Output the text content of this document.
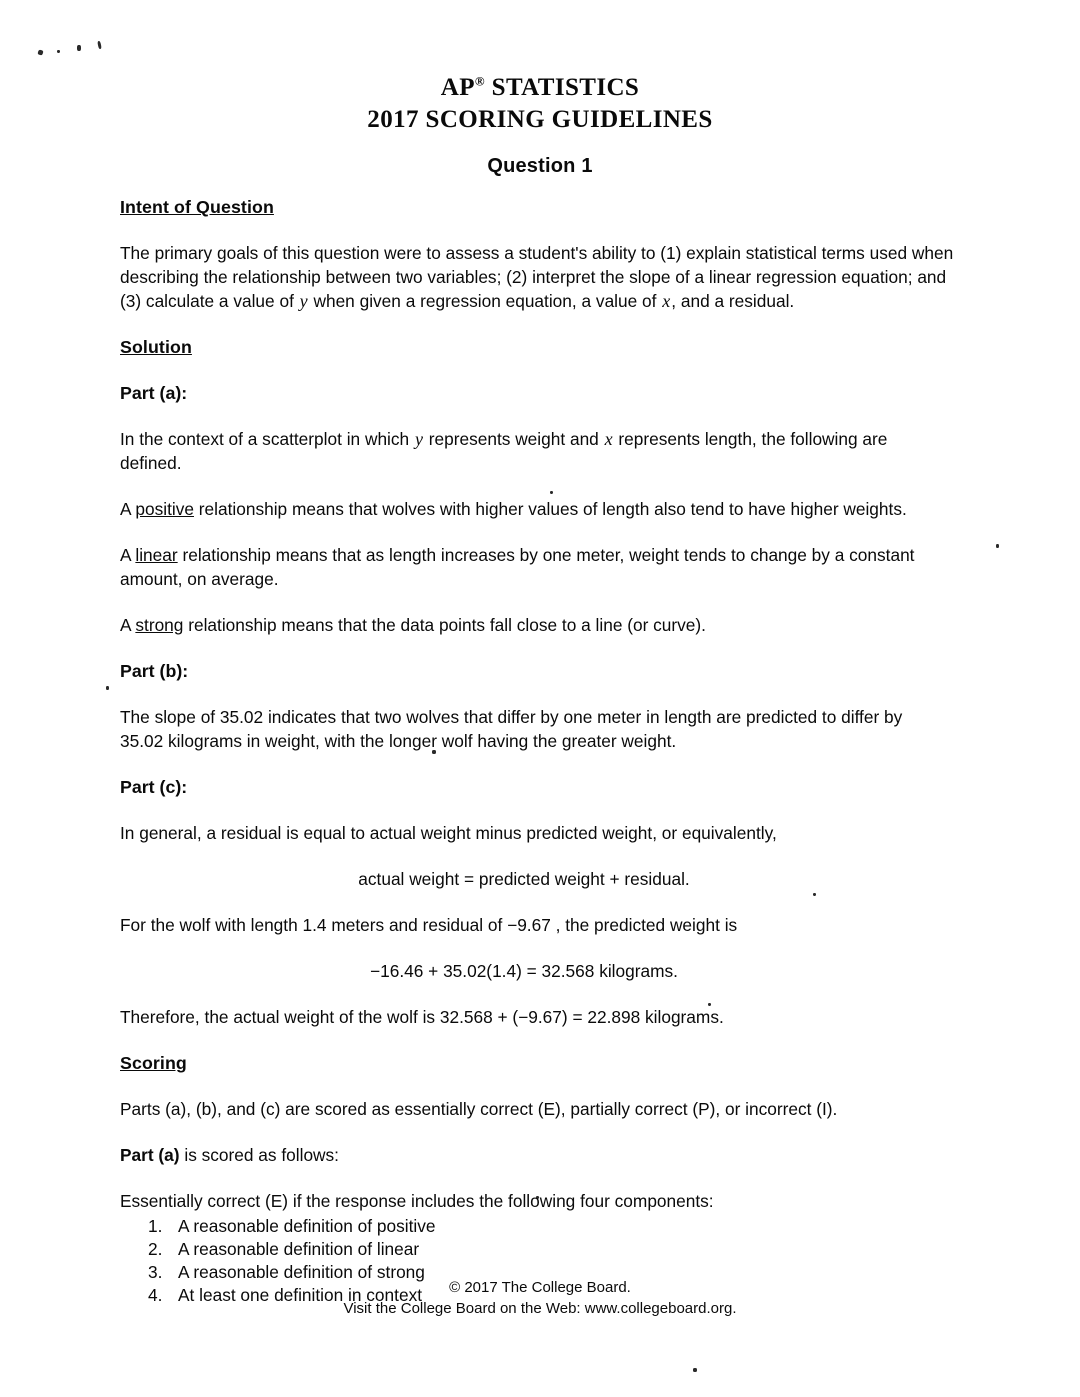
AP® STATISTICS
2017 SCORING GUIDELINES
Question 1
Intent of Question

The primary goals of this question were to assess a student's ability to (1) explain statistical terms used when describing the relationship between two variables; (2) interpret the slope of a linear regression equation; and (3) calculate a value of y when given a regression equation, a value of x, and a residual.

Solution
Part (a):

In the context of a scatterplot in which y represents weight and x represents length, the following are defined.

A positive relationship means that wolves with higher values of length also tend to have higher weights.

A linear relationship means that as length increases by one meter, weight tends to change by a constant amount, on average.

A strong relationship means that the data points fall close to a line (or curve).

Part (b):

The slope of 35.02 indicates that two wolves that differ by one meter in length are predicted to differ by 35.02 kilograms in weight, with the longer wolf having the greater weight.

Part (c):

In general, a residual is equal to actual weight minus predicted weight, or equivalently,

actual weight = predicted weight + residual.

For the wolf with length 1.4 meters and residual of −9.67 , the predicted weight is

−16.46 + 35.02(1.4) = 32.568 kilograms.

Therefore, the actual weight of the wolf is 32.568 + (−9.67) = 22.898 kilograms.

Scoring

Parts (a), (b), and (c) are scored as essentially correct (E), partially correct (P), or incorrect (I).

Part (a) is scored as follows:

Essentially correct (E) if the response includes the following four components:

1. A reasonable definition of positive
2. A reasonable definition of linear
3. A reasonable definition of strong
4. At least one definition in context	© 2017 The College Board.
Visit the College Board on the Web: www.collegeboard.org.
